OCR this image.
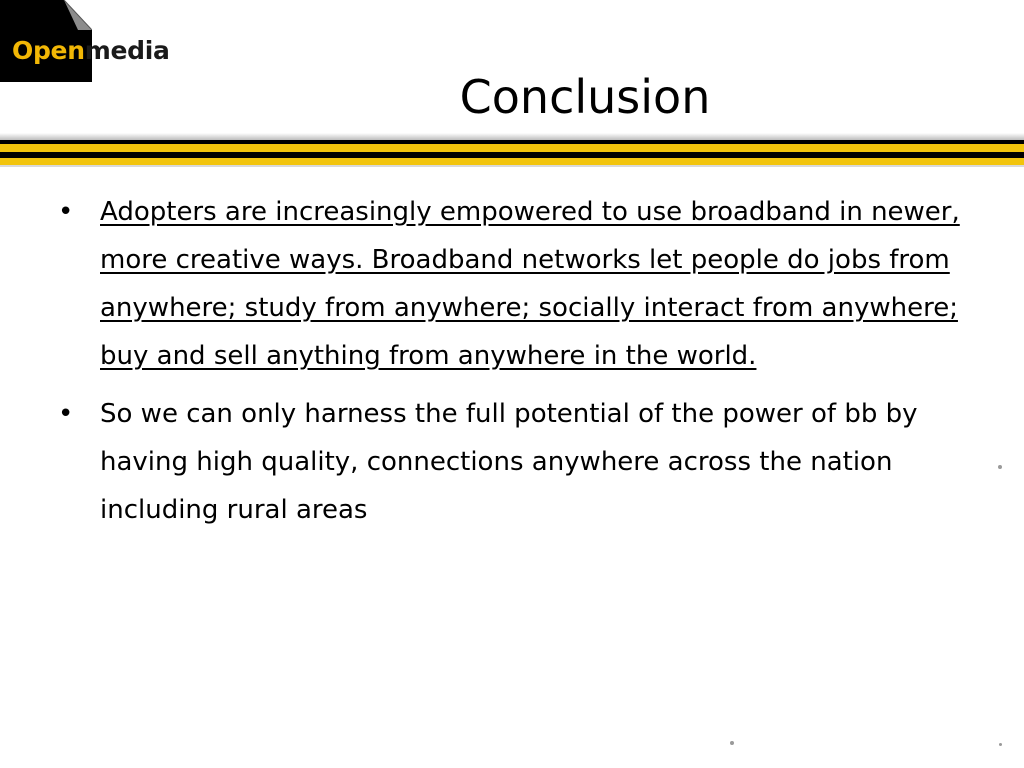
Openmedia
Conclusion
• Adopters are increasingly empowered to use broadband in newer, more creative ways. Broadband networks let people do jobs from anywhere; study from anywhere; socially interact from anywhere; buy and sell anything from anywhere in the world.
• So we can only harness the full potential of the power of bb by having high quality, connections anywhere across the nation including rural areas
